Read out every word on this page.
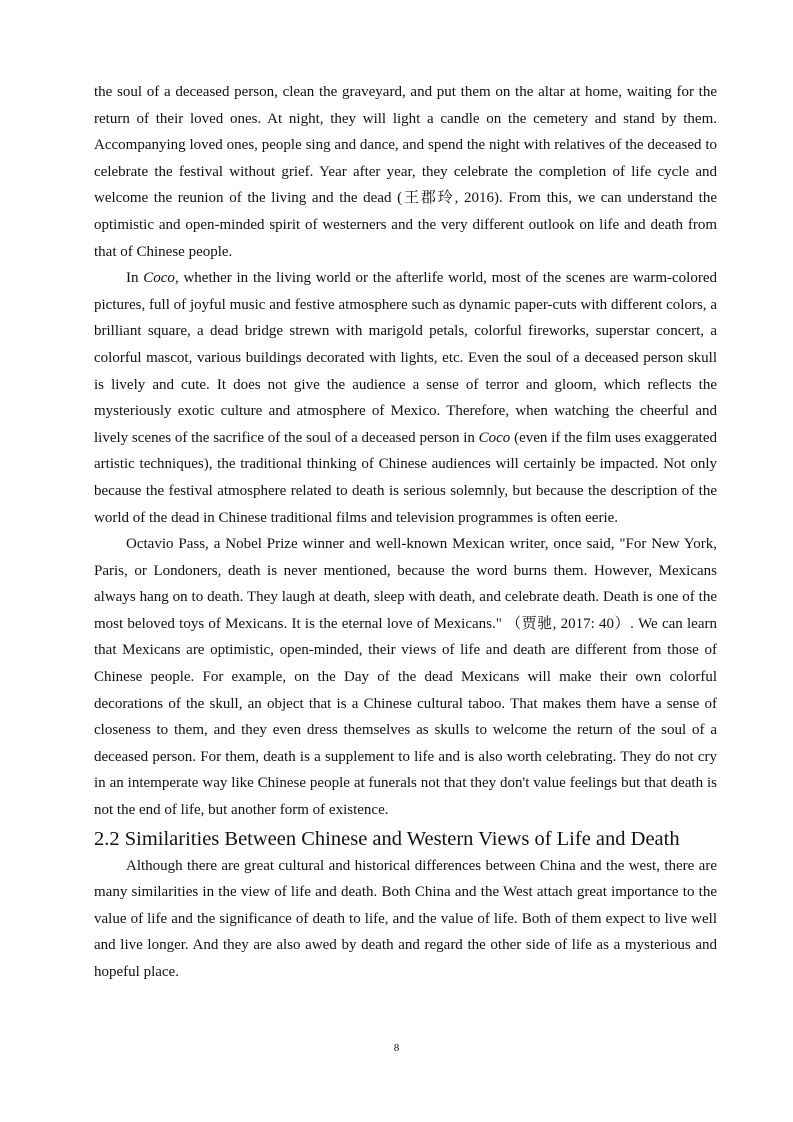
the soul of a deceased person, clean the graveyard, and put them on the altar at home, waiting for the return of their loved ones. At night, they will light a candle on the cemetery and stand by them. Accompanying loved ones, people sing and dance, and spend the night with relatives of the deceased to celebrate the festival without grief. Year after year, they celebrate the completion of life cycle and welcome the reunion of the living and the dead (王郡玲, 2016). From this, we can understand the optimistic and open-minded spirit of westerners and the very different outlook on life and death from that of Chinese people.

In Coco, whether in the living world or the afterlife world, most of the scenes are warm-colored pictures, full of joyful music and festive atmosphere such as dynamic paper-cuts with different colors, a brilliant square, a dead bridge strewn with marigold petals, colorful fireworks, superstar concert, a colorful mascot, various buildings decorated with lights, etc. Even the soul of a deceased person skull is lively and cute. It does not give the audience a sense of terror and gloom, which reflects the mysteriously exotic culture and atmosphere of Mexico. Therefore, when watching the cheerful and lively scenes of the sacrifice of the soul of a deceased person in Coco (even if the film uses exaggerated artistic techniques), the traditional thinking of Chinese audiences will certainly be impacted. Not only because the festival atmosphere related to death is serious solemnly, but because the description of the world of the dead in Chinese traditional films and television programmes is often eerie.

Octavio Pass, a Nobel Prize winner and well-known Mexican writer, once said, "For New York, Paris, or Londoners, death is never mentioned, because the word burns them. However, Mexicans always hang on to death. They laugh at death, sleep with death, and celebrate death. Death is one of the most beloved toys of Mexicans. It is the eternal love of Mexicans." （贾驰, 2017: 40）. We can learn that Mexicans are optimistic, open-minded, their views of life and death are different from those of Chinese people. For example, on the Day of the dead Mexicans will make their own colorful decorations of the skull, an object that is a Chinese cultural taboo. That makes them have a sense of closeness to them, and they even dress themselves as skulls to welcome the return of the soul of a deceased person. For them, death is a supplement to life and is also worth celebrating. They do not cry in an intemperate way like Chinese people at funerals not that they don't value feelings but that death is not the end of life, but another form of existence.

2.2 Similarities Between Chinese and Western Views of Life and Death

Although there are great cultural and historical differences between China and the west, there are many similarities in the view of life and death. Both China and the West attach great importance to the value of life and the significance of death to life, and the value of life. Both of them expect to live well and live longer. And they are also awed by death and regard the other side of life as a mysterious and hopeful place.

8
